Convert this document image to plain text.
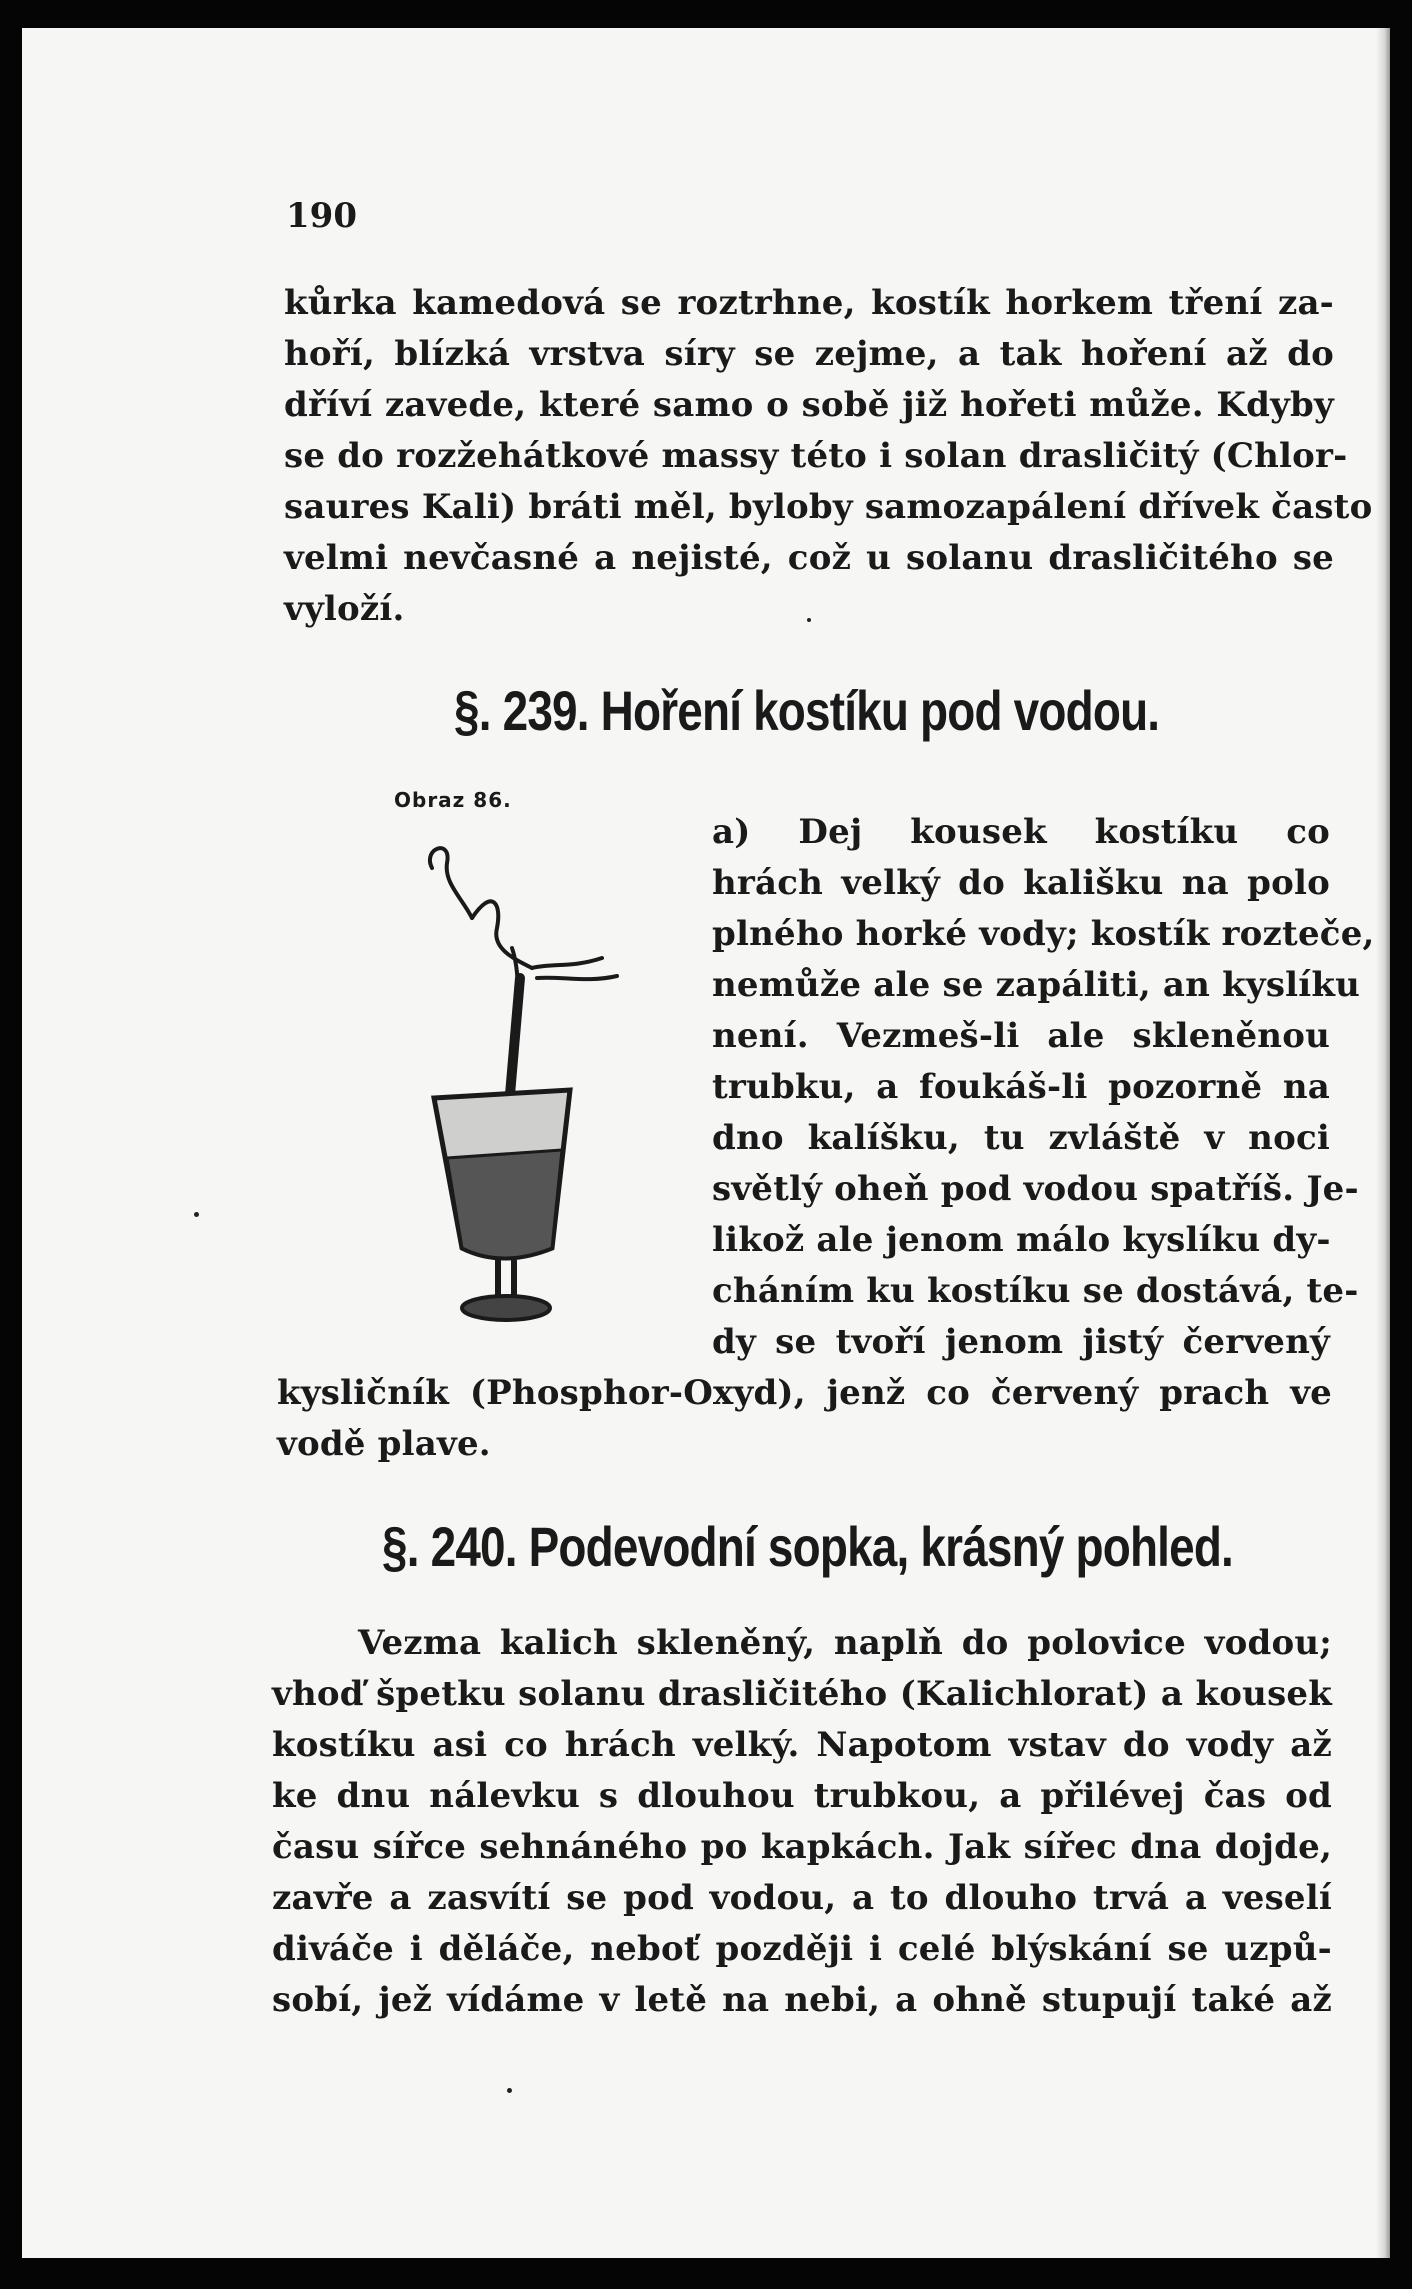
190
kůrka kamedová se roztrhne, kostík horkem tření za-
hoří, blízká vrstva síry se zejme, a tak hoření až do
dříví zavede, které samo o sobě již hořeti může. Kdyby
se do rozžehátkové massy této i solan drasličitý (Chlor-
saures Kali) bráti měl, byloby samozapálení dřívek často
velmi nevčasné a nejisté, což u solanu drasličitého se
vyloží.
§. 239. Hoření kostíku pod vodou.
Obraz 86.
a) Dej kousek kostíku co
hrách velký do kališku na polo
plného horké vody; kostík rozteče,
nemůže ale se zapáliti, an kyslíku
není. Vezmeš-li ale skleněnou
trubku, a foukáš-li pozorně na
dno kalíšku, tu zvláště v noci
světlý oheň pod vodou spatříš. Je-
likož ale jenom málo kyslíku dy-
cháním ku kostíku se dostává, te-
dy se tvoří jenom jistý červený
kysličník (Phosphor-Oxyd), jenž co červený prach ve
vodě plave.
§. 240. Podevodní sopka, krásný pohled.
Vezma kalich skleněný, naplň do polovice vodou;
vhoď špetku solanu drasličitého (Kalichlorat) a kousek
kostíku asi co hrách velký. Napotom vstav do vody až
ke dnu nálevku s dlouhou trubkou, a přilévej čas od
času sířce sehnáného po kapkách. Jak sířec dna dojde,
zavře a zasvítí se pod vodou, a to dlouho trvá a veselí
diváče i děláče, neboť později i celé blýskání se uzpů-
sobí, jež vídáme v letě na nebi, a ohně stupují také až
